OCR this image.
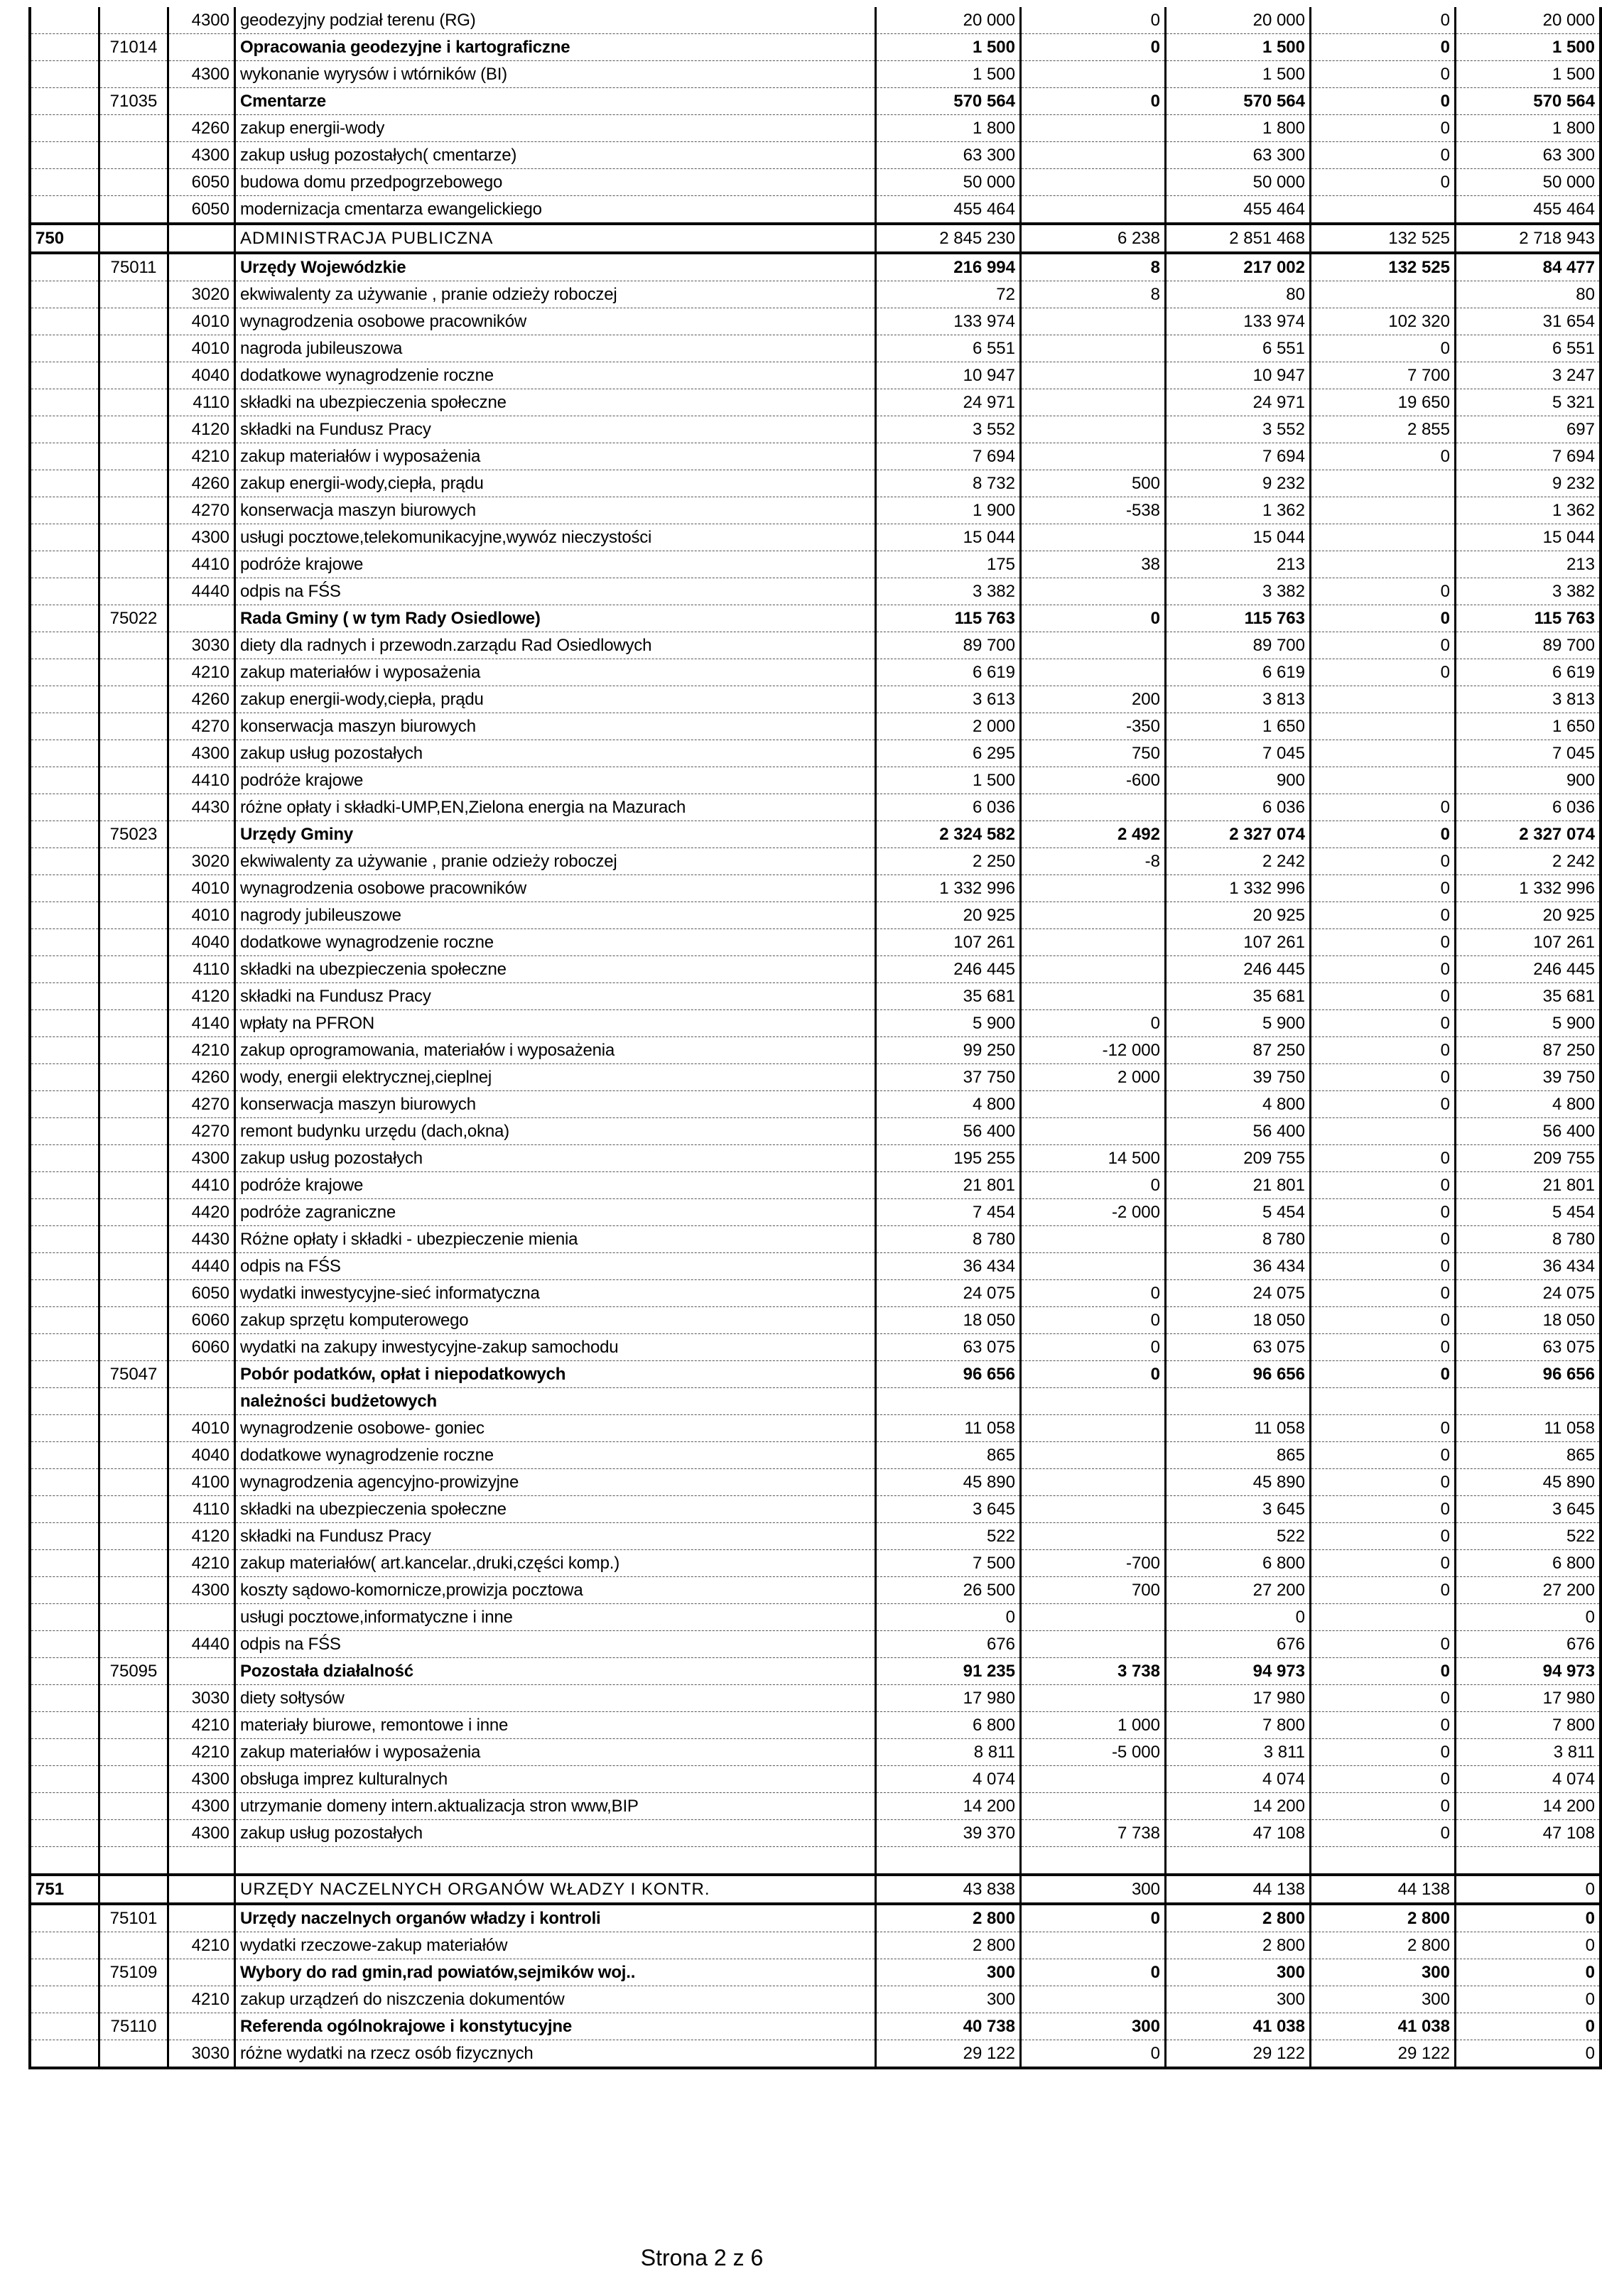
		4300	geodezyjny podział terenu (RG)	20 000	0	20 000	0	20 000
	71014		Opracowania geodezyjne i kartograficzne	1 500	0	1 500	0	1 500
		4300	wykonanie wyrysów i wtórników (BI)	1 500		1 500	0	1 500
	71035		Cmentarze	570 564	0	570 564	0	570 564
		4260	zakup energii-wody	1 800		1 800	0	1 800
		4300	zakup usług pozostałych( cmentarze)	63 300		63 300	0	63 300
		6050	budowa domu przedpogrzebowego	50 000		50 000	0	50 000
		6050	modernizacja cmentarza ewangelickiego	455 464		455 464		455 464
750			ADMINISTRACJA PUBLICZNA	2 845 230	6 238	2 851 468	132 525	2 718 943
	75011		Urzędy Wojewódzkie	216 994	8	217 002	132 525	84 477
		3020	ekwiwalenty za używanie , pranie odzieży roboczej	72	8	80		80
		4010	wynagrodzenia osobowe pracowników	133 974		133 974	102 320	31 654
		4010	nagroda jubileuszowa	6 551		6 551	0	6 551
		4040	dodatkowe wynagrodzenie roczne	10 947		10 947	7 700	3 247
		4110	składki na ubezpieczenia społeczne	24 971		24 971	19 650	5 321
		4120	składki na Fundusz Pracy	3 552		3 552	2 855	697
		4210	zakup materiałów i wyposażenia	7 694		7 694	0	7 694
		4260	zakup energii-wody,ciepła, prądu	8 732	500	9 232		9 232
		4270	konserwacja maszyn biurowych	1 900	-538	1 362		1 362
		4300	usługi pocztowe,telekomunikacyjne,wywóz nieczystości	15 044		15 044		15 044
		4410	podróże krajowe	175	38	213		213
		4440	odpis na FŚS	3 382		3 382	0	3 382
	75022		Rada Gminy ( w tym Rady Osiedlowe)	115 763	0	115 763	0	115 763
		3030	diety dla radnych i przewodn.zarządu Rad Osiedlowych	89 700		89 700	0	89 700
		4210	zakup materiałów i wyposażenia	6 619		6 619	0	6 619
		4260	zakup energii-wody,ciepła, prądu	3 613	200	3 813		3 813
		4270	konserwacja maszyn biurowych	2 000	-350	1 650		1 650
		4300	zakup usług pozostałych	6 295	750	7 045		7 045
		4410	podróże krajowe	1 500	-600	900		900
		4430	różne opłaty i składki-UMP,EN,Zielona energia na Mazurach	6 036		6 036	0	6 036
	75023		Urzędy Gminy	2 324 582	2 492	2 327 074	0	2 327 074
		3020	ekwiwalenty za używanie , pranie odzieży roboczej	2 250	-8	2 242	0	2 242
		4010	wynagrodzenia osobowe pracowników	1 332 996		1 332 996	0	1 332 996
		4010	nagrody jubileuszowe	20 925		20 925	0	20 925
		4040	dodatkowe wynagrodzenie roczne	107 261		107 261	0	107 261
		4110	składki na ubezpieczenia społeczne	246 445		246 445	0	246 445
		4120	składki na Fundusz Pracy	35 681		35 681	0	35 681
		4140	wpłaty na PFRON	5 900	0	5 900	0	5 900
		4210	zakup oprogramowania, materiałów i wyposażenia	99 250	-12 000	87 250	0	87 250
		4260	wody, energii elektrycznej,cieplnej	37 750	2 000	39 750	0	39 750
		4270	konserwacja maszyn biurowych	4 800		4 800	0	4 800
		4270	remont budynku urzędu (dach,okna)	56 400		56 400		56 400
		4300	zakup usług pozostałych	195 255	14 500	209 755	0	209 755
		4410	podróże krajowe	21 801	0	21 801	0	21 801
		4420	podróże zagraniczne	7 454	-2 000	5 454	0	5 454
		4430	Różne opłaty i składki - ubezpieczenie mienia	8 780		8 780	0	8 780
		4440	odpis na FŚS	36 434		36 434	0	36 434
		6050	wydatki inwestycyjne-sieć informatyczna	24 075	0	24 075	0	24 075
		6060	zakup sprzętu komputerowego	18 050	0	18 050	0	18 050
		6060	wydatki na zakupy inwestycyjne-zakup samochodu	63 075	0	63 075	0	63 075
	75047		Pobór podatków, opłat i niepodatkowych	96 656	0	96 656	0	96 656
			należności budżetowych					
		4010	wynagrodzenie osobowe- goniec	11 058		11 058	0	11 058
		4040	dodatkowe wynagrodzenie roczne	865		865	0	865
		4100	wynagrodzenia agencyjno-prowizyjne	45 890		45 890	0	45 890
		4110	składki na ubezpieczenia społeczne	3 645		3 645	0	3 645
		4120	składki na Fundusz Pracy	522		522	0	522
		4210	zakup materiałów( art.kancelar.,druki,części komp.)	7 500	-700	6 800	0	6 800
		4300	koszty sądowo-komornicze,prowizja pocztowa	26 500	700	27 200	0	27 200
			usługi pocztowe,informatyczne i inne	0		0		0
		4440	odpis na FŚS	676		676	0	676
	75095		Pozostała działalność	91 235	3 738	94 973	0	94 973
		3030	diety sołtysów	17 980		17 980	0	17 980
		4210	materiały biurowe, remontowe i inne	6 800	1 000	7 800	0	7 800
		4210	zakup materiałów i wyposażenia	8 811	-5 000	3 811	0	3 811
		4300	obsługa imprez kulturalnych	4 074		4 074	0	4 074
		4300	utrzymanie domeny intern.aktualizacja stron www,BIP	14 200		14 200	0	14 200
		4300	zakup usług pozostałych	39 370	7 738	47 108	0	47 108

751			URZĘDY NACZELNYCH ORGANÓW WŁADZY I KONTR.	43 838	300	44 138	44 138	0
	75101		Urzędy naczelnych organów władzy i kontroli	2 800	0	2 800	2 800	0
		4210	wydatki rzeczowe-zakup materiałów	2 800		2 800	2 800	0
	75109		Wybory do rad gmin,rad powiatów,sejmików woj..	300	0	300	300	0
		4210	zakup urządzeń do niszczenia dokumentów	300		300	300	0
	75110		Referenda ogólnokrajowe i konstytucyjne	40 738	300	41 038	41 038	0
		3030	różne wydatki na rzecz osób fizycznych	29 122	0	29 122	29 122	0
Strona 2 z 6
